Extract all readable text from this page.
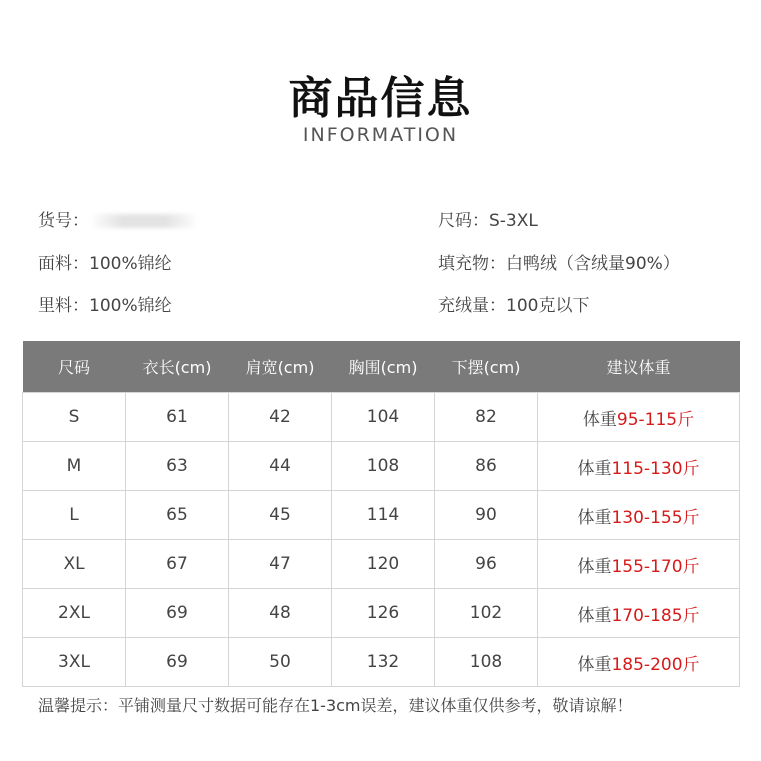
商品信息
INFORMATION
货号：
面料：100%锦纶
里料：100%锦纶
尺码：S-3XL
填充物：白鸭绒（含绒量90%）
充绒量：100克以下
尺码	衣长(cm)	肩宽(cm)	胸围(cm)	下摆(cm)	建议体重
S	61	42	104	82	体重95-115斤
M	63	44	108	86	体重115-130斤
L	65	45	114	90	体重130-155斤
XL	67	47	120	96	体重155-170斤
2XL	69	48	126	102	体重170-185斤
3XL	69	50	132	108	体重185-200斤
温馨提示：平铺测量尺寸数据可能存在1-3cm误差，建议体重仅供参考，敬请谅解！
